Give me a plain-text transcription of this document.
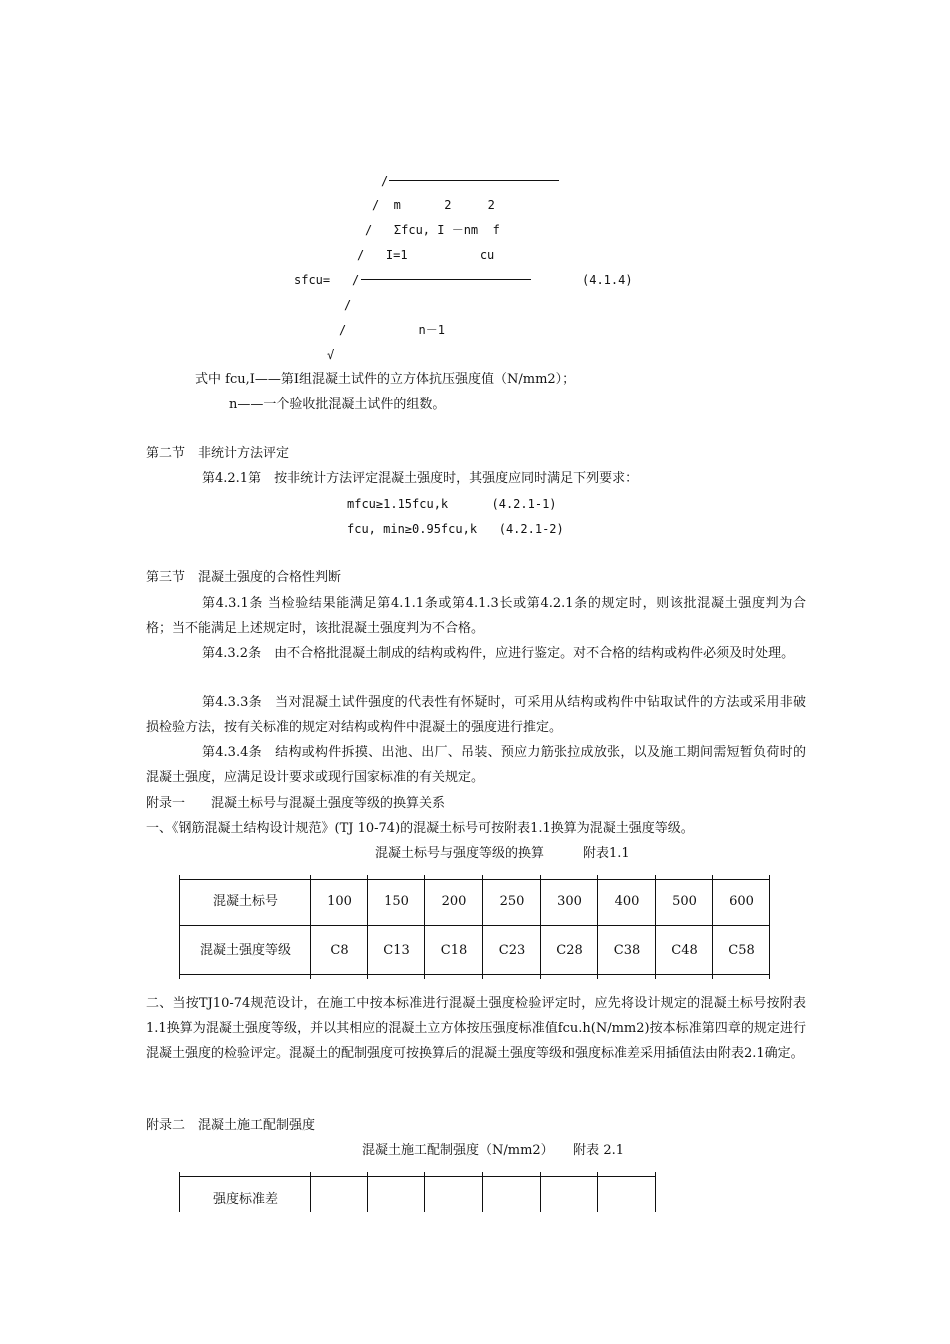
/
/  m      2     2
/   Σfcu, I －nm  f
/   I=1          cu
sfcu= /	(4.1.4)
/
/          n－1
√
式中 fcu,I——第I组混凝土试件的立方体抗压强度值（N/mm2）；
n——一个验收批混凝土试件的组数。
第二节　非统计方法评定
第4.2.1第　按非统计方法评定混凝土强度时，其强度应同时满足下列要求：
mfcu≥1.15fcu,k      (4.2.1-1)
fcu, min≥0.95fcu,k   (4.2.1-2)
第三节　混凝土强度的合格性判断
第4.3.1条 当检验结果能满足第4.1.1条或第4.1.3长或第4.2.1条的规定时，则该批混凝土强度判为合格；当不能满足上述规定时，该批混凝土强度判为不合格。
第4.3.2条　由不合格批混凝土制成的结构或构件，应进行鉴定。对不合格的结构或构件必须及时处理。
第4.3.3条　当对混凝土试件强度的代表性有怀疑时，可采用从结构或构件中钻取试件的方法或采用非破损检验方法，按有关标准的规定对结构或构件中混凝土的强度进行推定。
第4.3.4条　结构或构件拆摸、出池、出厂、吊装、预应力筋张拉成放张，以及施工期间需短暂负荷时的混凝土强度，应满足设计要求或现行国家标准的有关规定。
附录一　　混凝土标号与混凝土强度等级的换算关系
一、《钢筋混凝土结构设计规范》(TJ 10-74)的混凝土标号可按附表1.1换算为混凝土强度等级。
混凝土标号与强度等级的换算　　　附表1.1
混凝土标号	100	150	200	250	300	400	500	600
混凝土强度等级	C8	C13	C18	C23	C28	C38	C48	C58
二、当按TJ10-74规范设计，在施工中按本标准进行混凝土强度检验评定时，应先将设计规定的混凝土标号按附表1.1换算为混凝土强度等级，并以其相应的混凝土立方体按压强度标准值fcu.h(N/mm2)按本标准第四章的规定进行混凝土强度的检验评定。混凝土的配制强度可按换算后的混凝土强度等级和强度标准差采用插值法由附表2.1确定。
附录二　混凝土施工配制强度
混凝土施工配制强度（N/mm2）　　附表 2.1
强度标准差
